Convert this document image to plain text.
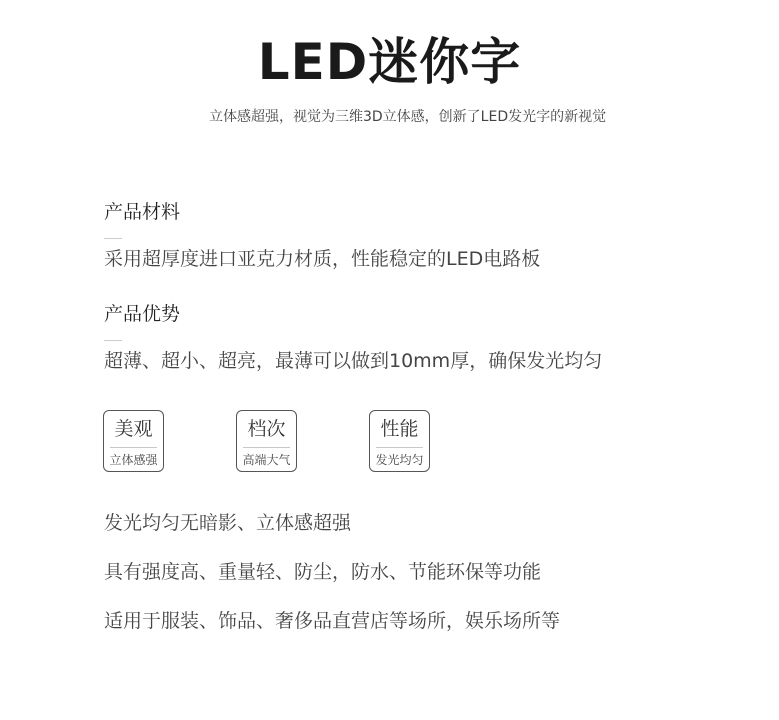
LED迷你字

立体感超强，视觉为三维3D立体感，创新了LED发光字的新视觉

产品材料

采用超厚度进口亚克力材质，性能稳定的LED电路板

产品优势

超薄、超小、超亮，最薄可以做到10mm厚，确保发光均匀

美观
立体感强
档次
高端大气
性能
发光均匀

发光均匀无暗影、立体感超强

具有强度高、重量轻、防尘，防水、节能环保等功能

适用于服装、饰品、奢侈品直营店等场所，娱乐场所等
